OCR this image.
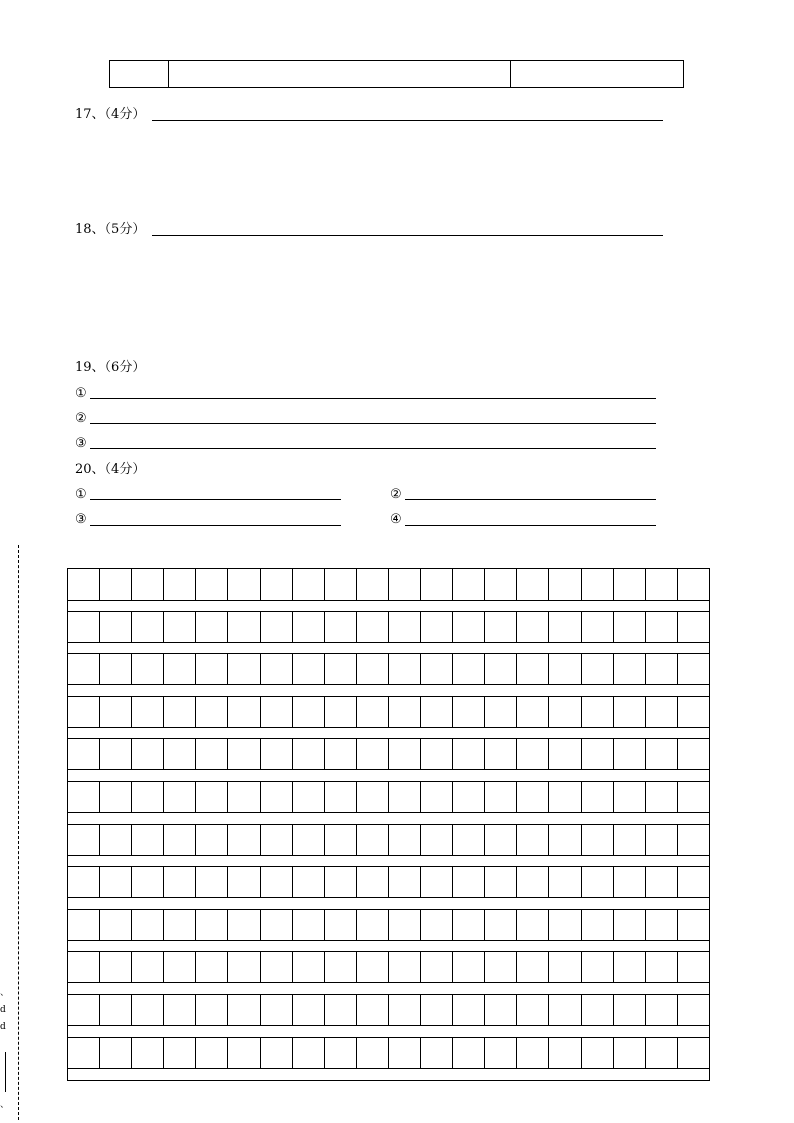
17、（4分）
18、（5分）
19、（6分）
①
②
③
20、（4分）
①	②
③	④
、
d
d
、
